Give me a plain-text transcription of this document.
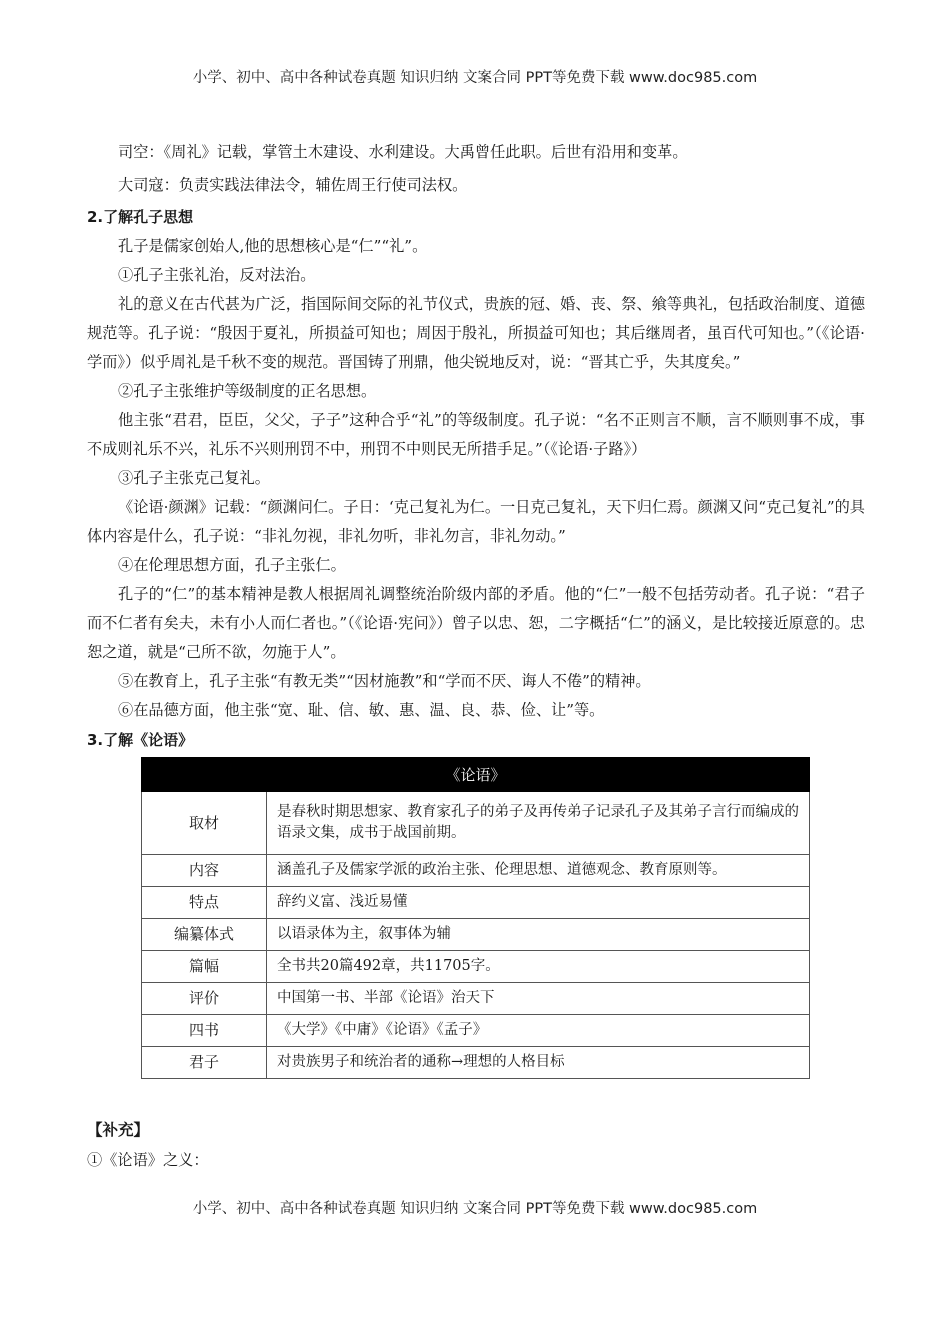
小学、初中、高中各种试卷真题 知识归纳 文案合同 PPT等免费下载 www.doc985.com

司空：《周礼》记载，掌管土木建设、水利建设。大禹曾任此职。后世有沿用和变革。

大司寇：负责实践法律法令，辅佐周王行使司法权。

2.了解孔子思想

孔子是儒家创始人,他的思想核心是“仁”“礼”。

①孔子主张礼治，反对法治。

礼的意义在古代甚为广泛，指国际间交际的礼节仪式，贵族的冠、婚、丧、祭、飨等典礼，包括政治制度、道德规范等。孔子说：“殷因于夏礼，所损益可知也；周因于殷礼，所损益可知也；其后继周者，虽百代可知也。”（《论语·学而》）似乎周礼是千秋不变的规范。晋国铸了刑鼎，他尖锐地反对，说：“晋其亡乎，失其度矣。”

②孔子主张维护等级制度的正名思想。

他主张“君君，臣臣，父父，子子”这种合乎“礼”的等级制度。孔子说：“名不正则言不顺，言不顺则事不成，事不成则礼乐不兴，礼乐不兴则刑罚不中，刑罚不中则民无所措手足。”（《论语·子路》）

③孔子主张克己复礼。

《论语·颜渊》记载：“颜渊问仁。子日：‘克己复礼为仁。一日克己复礼，天下归仁焉。颜渊又问“克己复礼”的具体内容是什么，孔子说：“非礼勿视，非礼勿听，非礼勿言，非礼勿动。”

④在伦理思想方面，孔子主张仁。

孔子的“仁”的基本精神是教人根据周礼调整统治阶级内部的矛盾。他的“仁”一般不包括劳动者。孔子说：“君子而不仁者有矣夫，未有小人而仁者也。”（《论语·宪问》）曾子以忠、恕，二字概括“仁”的涵义，是比较接近原意的。忠恕之道，就是“己所不欲，勿施于人”。

⑤在教育上，孔子主张“有教无类”“因材施教”和“学而不厌、诲人不倦”的精神。

⑥在品德方面，他主张“宽、耻、信、敏、惠、温、良、恭、俭、让”等。

3.了解《论语》

《论语》	
取材	是春秋时期思想家、教育家孔子的弟子及再传弟子记录孔子及其弟子言行而编成的语录文集，成书于战国前期。
内容	涵盖孔子及儒家学派的政治主张、伦理思想、道德观念、教育原则等。
特点	辞约义富、浅近易懂
编纂体式	以语录体为主，叙事体为辅
篇幅	全书共20篇492章，共11705字。
评价	中国第一书、半部《论语》治天下
四书	《大学》《中庸》《论语》《孟子》
君子	对贵族男子和统治者的通称→理想的人格目标

【补充】

①《论语》之义：

小学、初中、高中各种试卷真题 知识归纳 文案合同 PPT等免费下载 www.doc985.com
